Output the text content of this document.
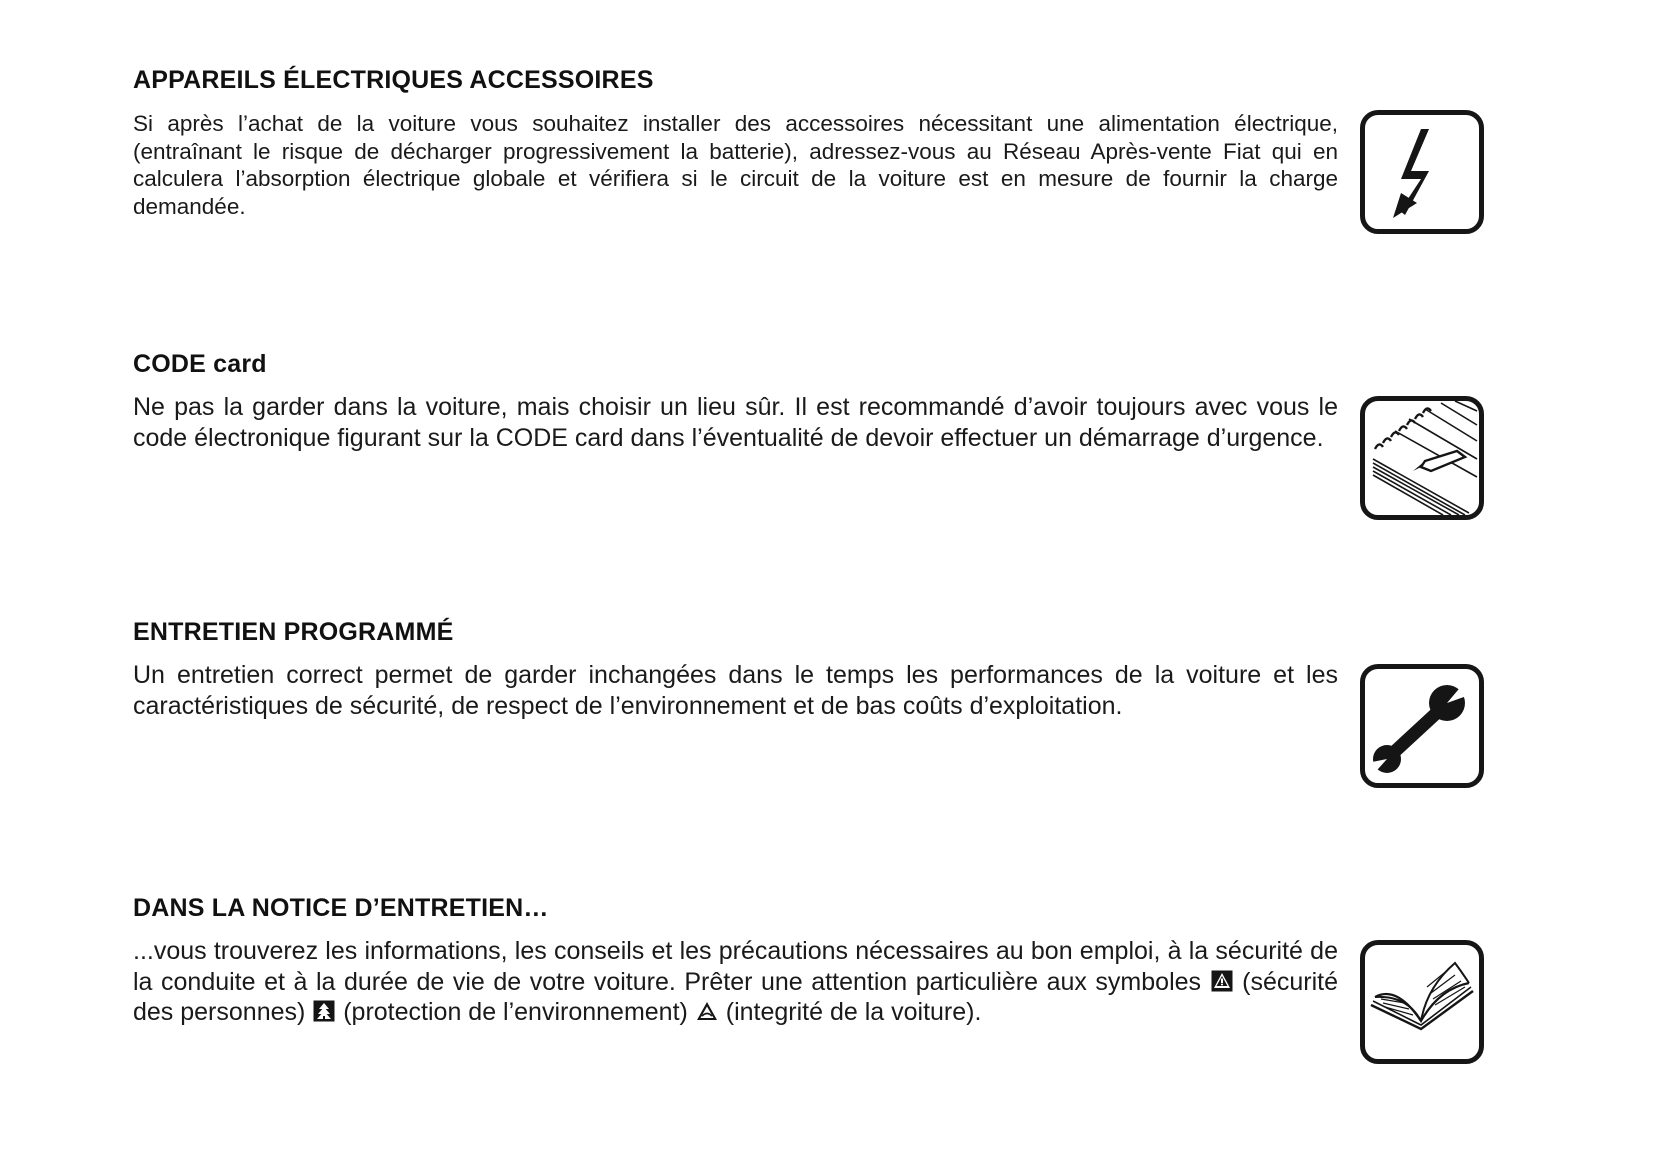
APPAREILS ÉLECTRIQUES ACCESSOIRES

Si après l’achat de la voiture vous souhaitez installer des accessoires nécessitant une alimentation électrique, (entraînant le risque de décharger progressivement la batterie), adressez-vous au Réseau Après-vente Fiat qui en calculera l’absorption électrique globale et vérifiera si le circuit de la voiture est en mesure de fournir la charge demandée.

CODE card

Ne pas la garder dans la voiture, mais choisir un lieu sûr. Il est recommandé d’avoir toujours avec vous le code électronique figurant sur la CODE card dans l’éventualité de devoir effectuer un démarrage d’urgence.

ENTRETIEN PROGRAMMÉ

Un entretien correct permet de garder inchangées dans le temps les performances de la voiture et les caractéristiques de sécurité, de respect de l’environnement et de bas coûts d’exploitation.

DANS LA NOTICE D’ENTRETIEN…

...vous trouverez les informations, les conseils et les précautions nécessaires au bon emploi, à la sécurité de la conduite et à la durée de vie de votre voiture. Prêter une attention particulière aux symboles
(sécurité des personnes)
(protection de l’environnement)
(integrité de la voiture).
